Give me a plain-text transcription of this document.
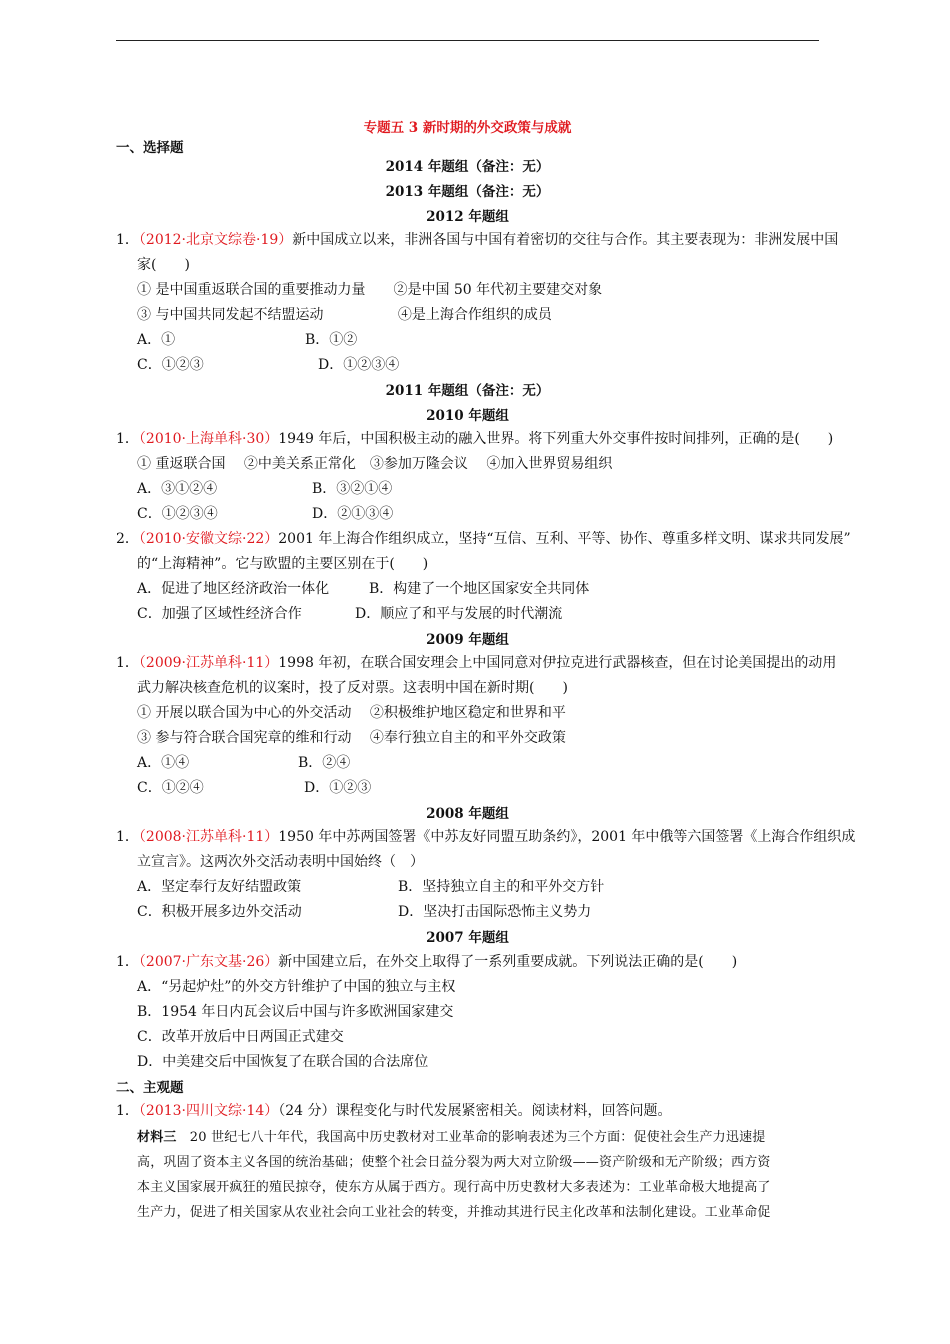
专题五 3 新时期的外交政策与成就
一、选择题
2014 年题组（备注：无）
2013 年题组（备注：无）
2012 年题组
1．（2012·北京文综卷·19）新中国成立以来，非洲各国与中国有着密切的交往与合作。其主要表现为：非洲发展中国
家(　　)
① 是中国重返联合国的重要推动力量　　②是中国 50 年代初主要建交对象
③ 与中国共同发起不结盟运动　　　　　 ④是上海合作组织的成员
A．①	B．①②
C．①②③	D．①②③④
2011 年题组（备注：无）
2010 年题组
1．（2010·上海单科·30）1949 年后，中国积极主动的融入世界。将下列重大外交事件按时间排列，正确的是(　　)
① 重返联合国　 ②中美关系正常化　③参加万隆会议　 ④加入世界贸易组织
A．③①②④	B．③②①④
C．①②③④	D．②①③④
2．（2010·安徽文综·22）2001 年上海合作组织成立，坚持“互信、互利、平等、协作、尊重多样文明、谋求共同发展”
的“上海精神”。它与欧盟的主要区别在于(　　)
A．促进了地区经济政治一体化	B．构建了一个地区国家安全共同体
C．加强了区域性经济合作	D．顺应了和平与发展的时代潮流
2009 年题组
1．（2009·江苏单科·11）1998 年初，在联合国安理会上中国同意对伊拉克进行武器核查，但在讨论美国提出的动用
武力解决核查危机的议案时，投了反对票。这表明中国在新时期(　　)
① 开展以联合国为中心的外交活动　 ②积极维护地区稳定和世界和平
③ 参与符合联合国宪章的维和行动　 ④奉行独立自主的和平外交政策
A．①④	B．②④
C．①②④	D．①②③
2008 年题组
1．（2008·江苏单科·11）1950 年中苏两国签署《中苏友好同盟互助条约》，2001 年中俄等六国签署《上海合作组织成
立宣言》。这两次外交活动表明中国始终（　）
A．坚定奉行友好结盟政策	B．坚持独立自主的和平外交方针
C．积极开展多边外交活动	D．坚决打击国际恐怖主义势力
2007 年题组
1．（2007·广东文基·26）新中国建立后，在外交上取得了一系列重要成就。下列说法正确的是(　　)
A．“另起炉灶”的外交方针维护了中国的独立与主权
B．1954 年日内瓦会议后中国与许多欧洲国家建交
C．改革开放后中日两国正式建交
D．中美建交后中国恢复了在联合国的合法席位
二、主观题
1．（2013·四川文综·14）（24 分）课程变化与时代发展紧密相关。阅读材料，回答问题。
材料三　20 世纪七八十年代，我国高中历史教材对工业革命的影响表述为三个方面：促使社会生产力迅速提
高，巩固了资本主义各国的统治基础；使整个社会日益分裂为两大对立阶级——资产阶级和无产阶级；西方资
本主义国家展开疯狂的殖民掠夺，使东方从属于西方。现行高中历史教材大多表述为：工业革命极大地提高了
生产力，促进了相关国家从农业社会向工业社会的转变，并推动其进行民主化改革和法制化建设。工业革命促
